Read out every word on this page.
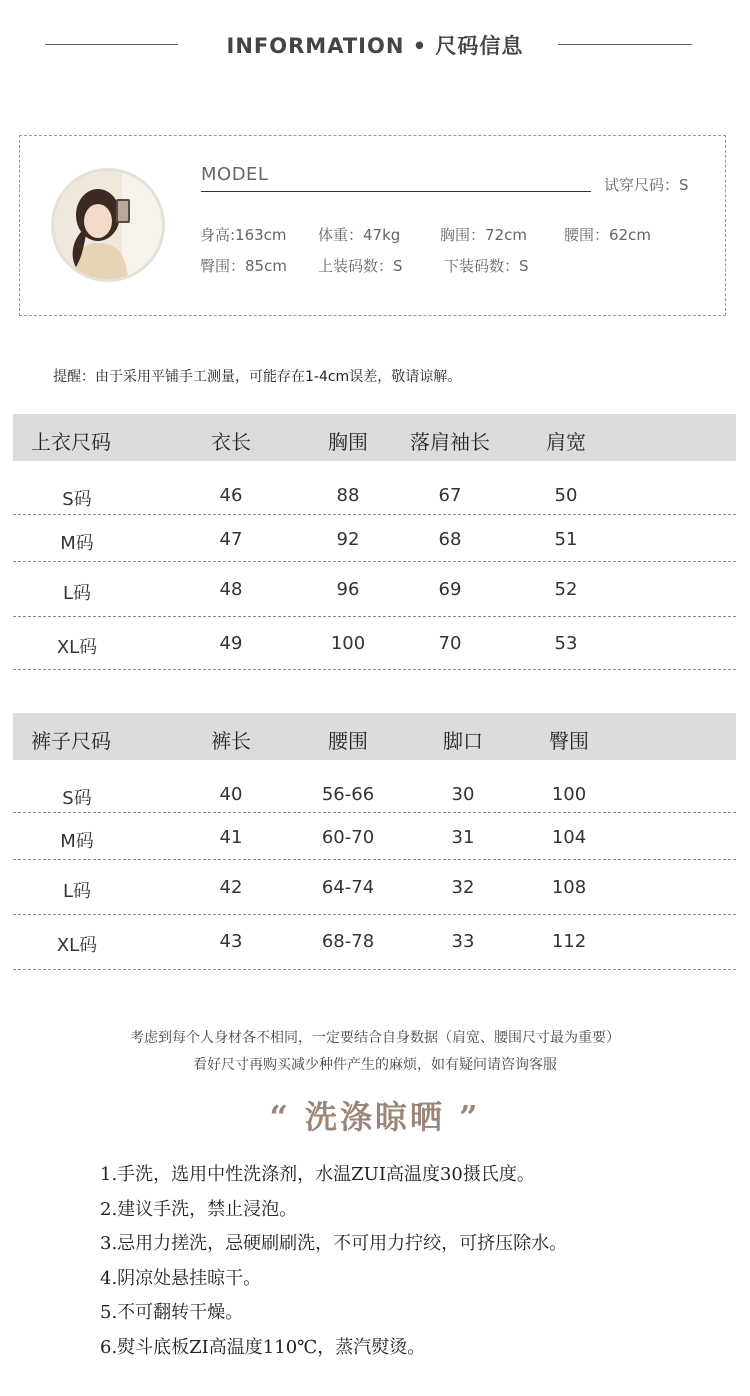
INFORMATION • 尺码信息
MODEL	试穿尺码：S
身高:163cm 体重：47kg	胸围：72cm 腰围：62cm
臀围：85cm 上装码数：S	下装码数：S
提醒：由于采用平铺手工测量，可能存在1-4cm误差，敬请谅解。
上衣尺码	衣长	胸围 落肩袖长	肩宽
S码	46	88	67	50
M码	47	92	68	51
L码	48	96	69	52
XL码	49	100	70	53
裤子尺码	裤长	腰围	脚口	臀围
S码	40	56-66	30	100
M码	41	60-70	31	104
L码	42	64-74	32	108
XL码	43	68-78	33	112
考虑到每个人身材各不相同，一定要结合自身数据（肩宽、腰围尺寸最为重要）
看好尺寸再购买减少种件产生的麻烦，如有疑问请咨询客服
“ 洗涤晾晒 ”
1.手洗，选用中性洗涤剂，水温ZUI高温度30摄氏度。
2.建议手洗，禁止浸泡。
3.忌用力搓洗，忌硬刷刷洗，不可用力拧绞，可挤压除水。
4.阴凉处悬挂晾干。
5.不可翻转干燥。
6.熨斗底板ZI高温度110℃，蒸汽熨烫。
